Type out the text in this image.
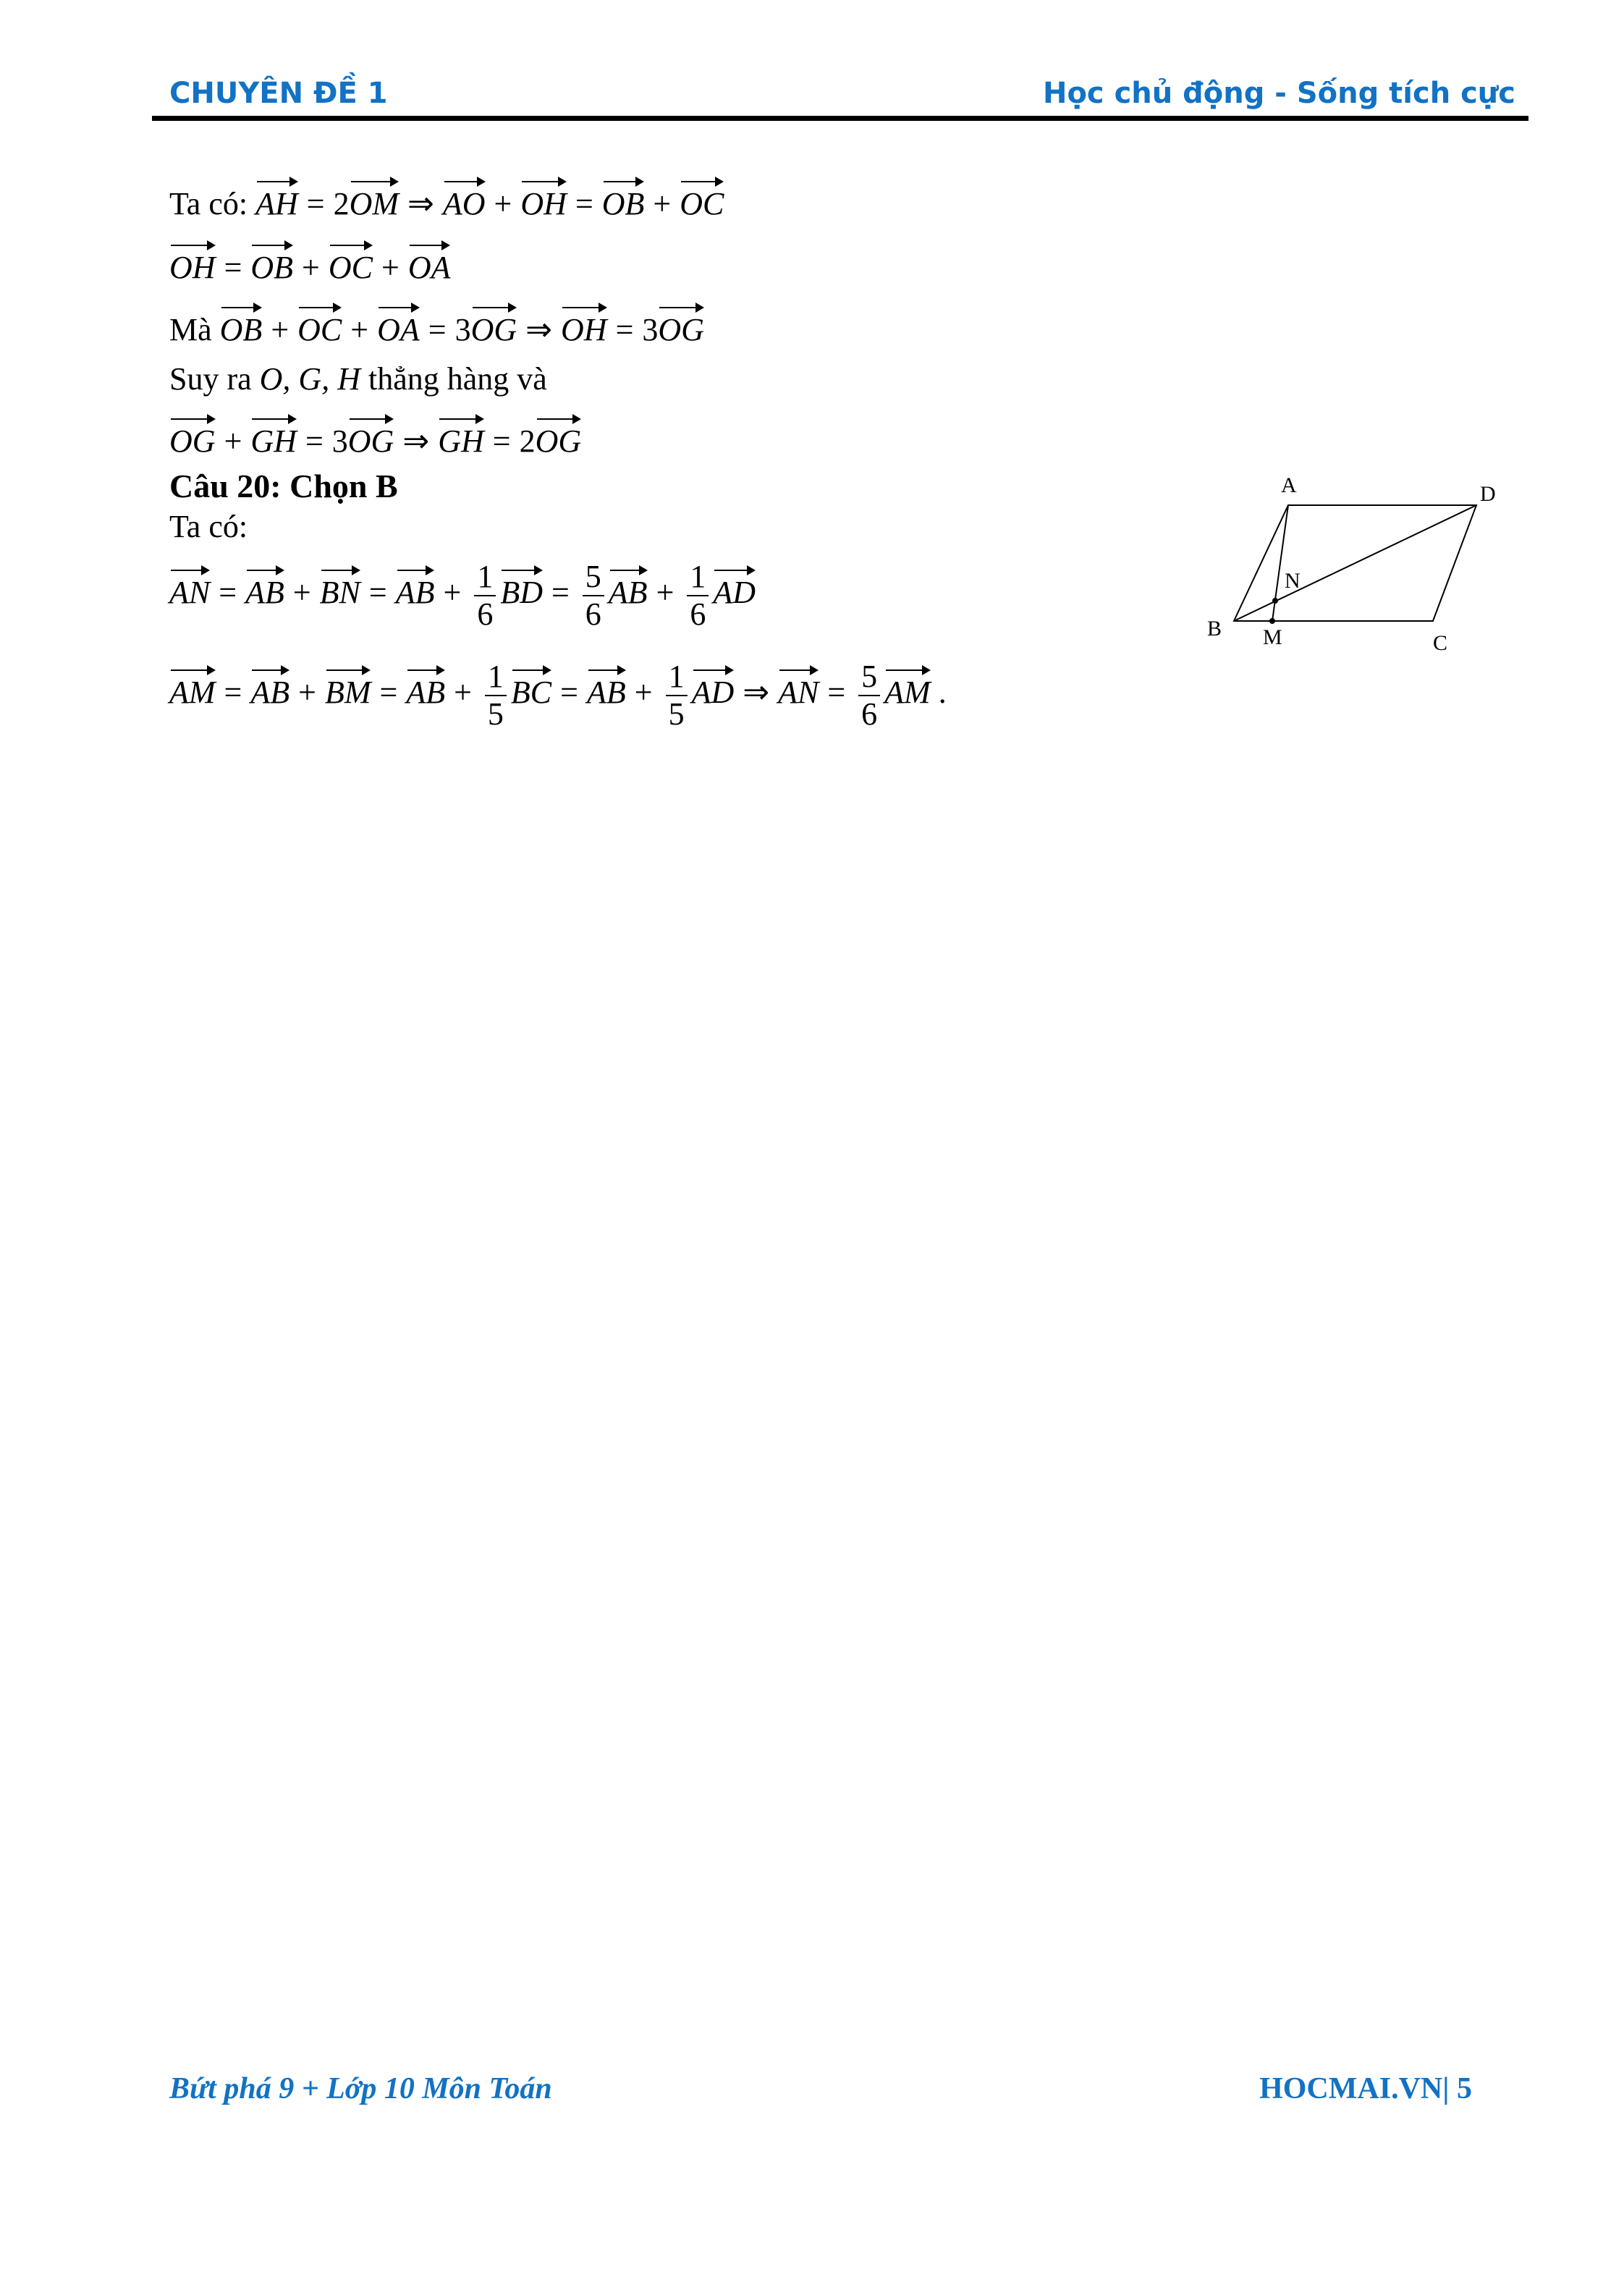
CHUYÊN ĐỀ 1	Học chủ động - Sống tích cực
Ta có: AH = 2OM ⇒ AO + OH = OB + OC
OH = OB + OC + OA
Mà OB + OC + OA = 3OG ⇒ OH = 3OG
Suy ra O, G, H thẳng hàng và
OG + GH = 3OG ⇒ GH = 2OG
Câu 20: Chọn B
Ta có:
AN = AB + BN = AB + $\frac{1}{6}$ BD = $\frac{5}{6}$ AB + $\frac{1}{6}$ AD
AM = AB + BM = AB + $\frac{1}{5}$ BC = AB + $\frac{1}{5}$ AD ⇒ AN = $\frac{5}{6}$ AM .
A	D
N
B M	C
Bứt phá 9 + Lớp 10 Môn Toán	HOCMAI.VN| 5
